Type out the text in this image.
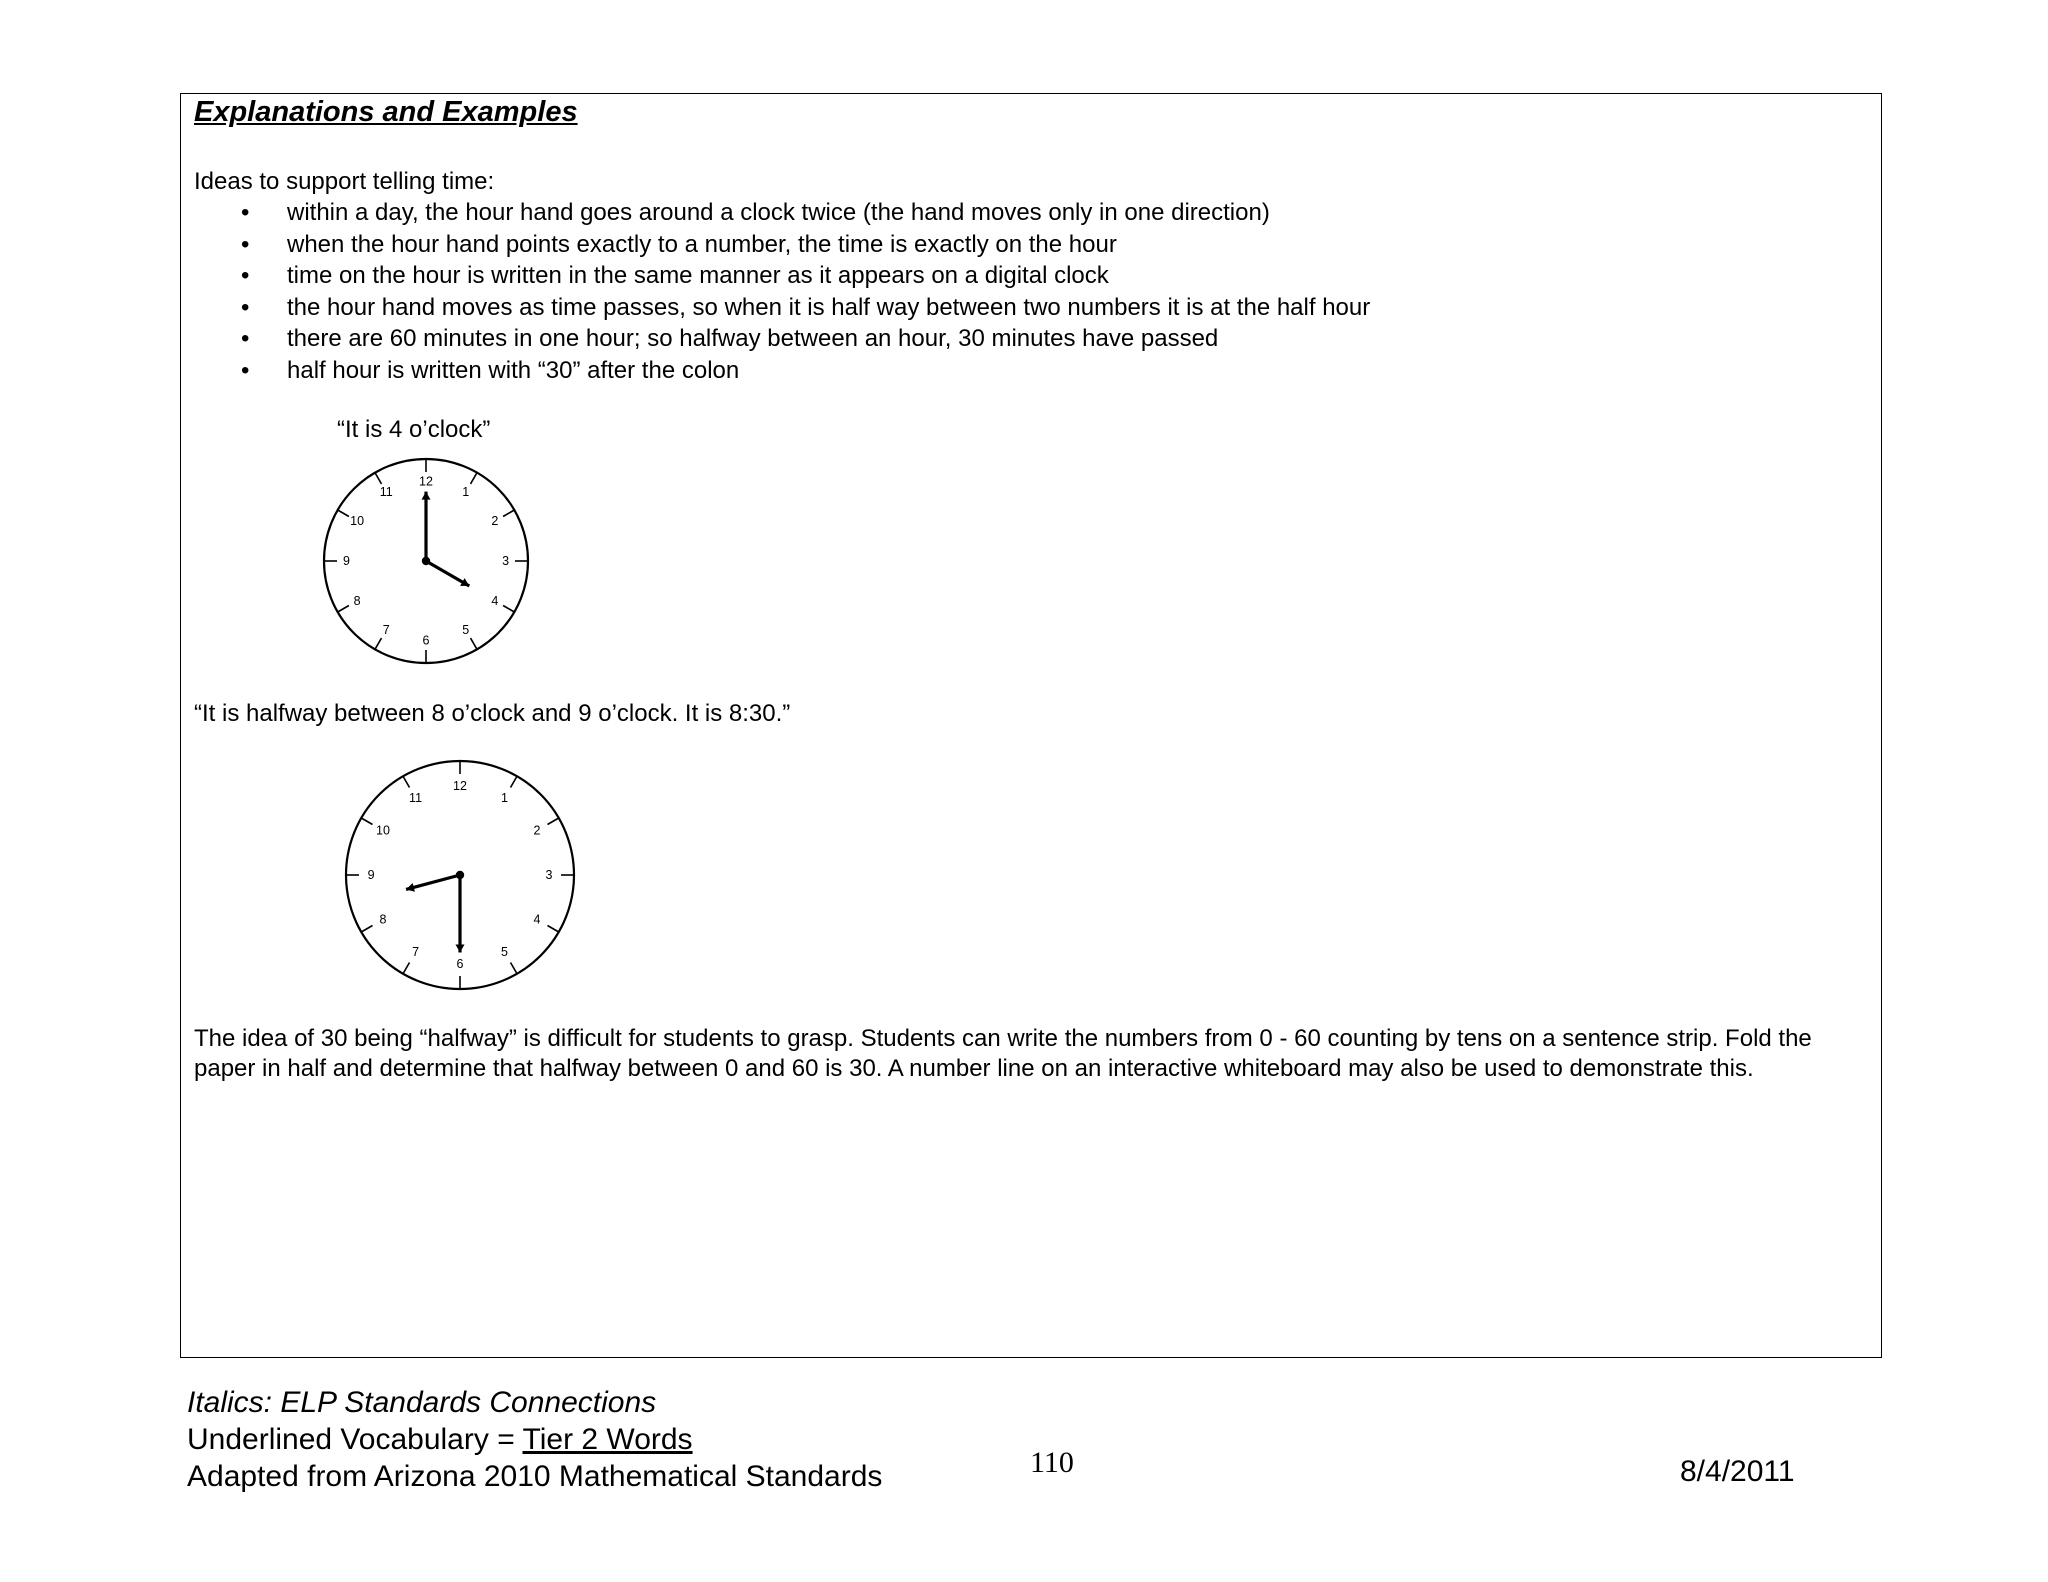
Explanations and Examples

Ideas to support telling time:

• within a day, the hour hand goes around a clock twice (the hand moves only in one direction)
• when the hour hand points exactly to a number, the time is exactly on the hour
• time on the hour is written in the same manner as it appears on a digital clock
• the hour hand moves as time passes, so when it is half way between two numbers it is at the half hour
• there are 60 minutes in one hour; so halfway between an hour, 30 minutes have passed
• half hour is written with “30” after the colon

“It is 4 o’clock”

12
1
2
3
4
5
6
7
8
9
10
11

“It is halfway between 8 o’clock and 9 o’clock. It is 8:30.”

12
1
2
3
4
5
6
7
8
9
10
11

The idea of 30 being “halfway” is difficult for students to grasp. Students can write the numbers from 0 - 60 counting by tens on a sentence strip. Fold the paper in half and determine that halfway between 0 and 60 is 30. A number line on an interactive whiteboard may also be used to demonstrate this.

Italics: ELP Standards Connections
Underlined Vocabulary = Tier 2 Words
Adapted from Arizona 2010 Mathematical Standards	110	8/4/2011
